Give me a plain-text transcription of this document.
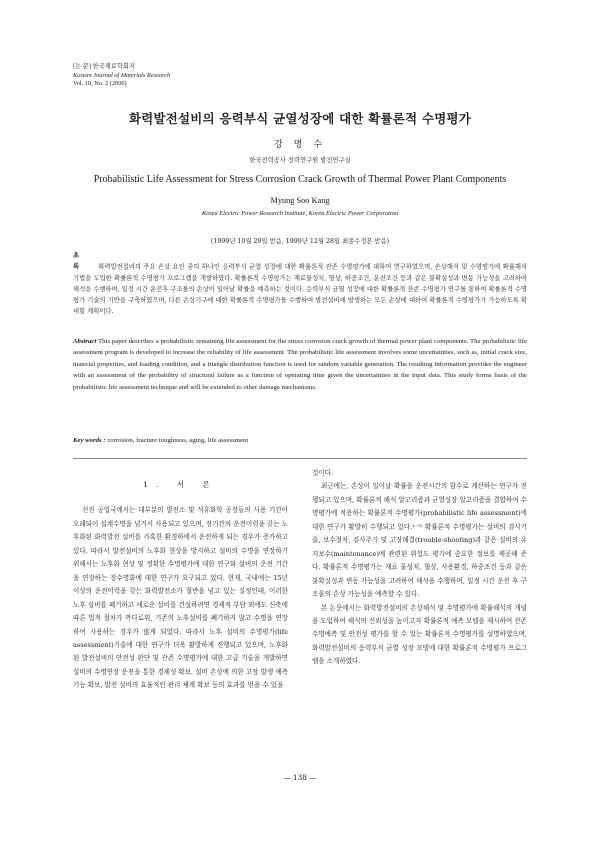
[논 문] 한국재료학회지
Korean Journal of Materials Research
Vol. 10, No. 2 (2000)
화력발전설비의 응력부식 균열성장에 대한 확률론적 수명평가
강 명 수
한국전력공사 전력연구원 발전연구실
Probabilistic Life Assessment for Stress Corrosion Crack Growth of Thermal Power Plant Components
Myung Soo Kang
Korea Electric Power Research Institute, Korea Electric Power Corporation
(1999년 10월 29일 받음, 1999년 12월 28일 최종수정본 받음)
초 록 화력발전설비의 주요 손상 요인 중의 하나인 응력부식 균열 성장에 대한 확률론적 잔존 수명평가에 대하여 연구하였으며, 손상해석 및 수명평가에 확률해석 기법을 도입한 확률론적 수명평가 프로그램을 개발하였다. 확률론적 수명평가는 재료물성치, 형상, 하중조건, 운전조건 등과 같은 불확실성과 변동 가능성을 고려하여 해석을 수행하며, 일정 시간 운전후 구조물의 손상이 일어날 확률을 예측하는 것이다. 응력부식 균열 성장에 대한 확률론적 잔존 수명평가 연구를 통하여 확률론적 수명평가 기술의 기반을 구축하였으며, 다른 손상기구에 대한 확률론적 수명평가를 수행하여 발전설비에 발생하는 모든 손상에 대하여 확률론적 수명평가가 가능하도록 확대할 계획이다.
Abstract This paper describes a probabilistic remaining life assessment for the stress corrosion crack growth of thermal power plant components. The probabilistic life assessment program is developed to increase the reliability of life assessment. The probabilistic life assessment involves some uncertainties, such as, initial crack size, material properties, and loading condition, and a triangle distribution function is used for random variable generation. The resulting information provides the engineer with an assessment of the probability of structural failure as a function of operating time given the uncertainties in the input data. This study forms basis of the probabilistic life assessment technique and will be extended to other damage mechanisms.
Key words : corrosion, fracture toughness, aging, life assessment
1. 서 론

선진 공업국에서는 대부분의 발전소 및 석유화학 공장들의 사용 기간이 오래되어 설계수명을 넘겨서 사용되고 있으며, 장기간의 운전이력을 갖는 노후화된 화력발전 설비를 가혹한 환경하에서 운전하게 되는 경우가 증가하고 있다. 따라서 발전설비의 노후화 현상을 방지하고 설비의 수명을 연장하기 위해서는 노후화 현상 및 정확한 수명평가에 대한 연구와 설비의 운전 기간을 연장하는 장수명화에 대한 연구가 요구되고 있다. 현재, 국내에는 15년 이상의 운전이력을 갖는 화력발전소가 절반을 넘고 있는 실정인데, 이러한 노후 설비를 폐기하고 새로운 설비를 건설하려면 경제적 부담 외에도 신축에 따른 법적 절차가 까다로워, 기존의 노후설비를 폐기하지 않고 수명을 연장하여 사용하는 경우가 많게 되었다. 따라서 노후 설비의 수명평가(life assessment)기술에 대한 연구가 더욱 활발하게 진행되고 있으며, 노후화된 발전설비의 안전성 판단 및 잔존 수명평가에 대한 고급 기술을 개발하면 설비의 수명연장 운전을 통한 경제성 확보, 설비 손상에 의한 고장 발생 예측 기능 확보, 발전 설비의 효율적인 관리 체계 확보 등의 효과를 얻을 수 있을

것이다.

최근에는, 손상이 일어날 확률을 운전시간의 함수로 계산하는 연구가 진행되고 있으며, 확률론적 해석 알고리즘과 균열성장 알고리즘을 결합하여 수명평가에 적용하는 확률론적 수명평가(probabilistic life assessment)에 대한 연구가 활발히 수행되고 있다.¹⁻⁵⁾ 확률론적 수명평가는 설비의 검사기술, 보수절차, 검사주기 및 고장해결(trouble-shooting)과 같은 설비의 유지보수(maintenance)에 관련된 위험도 평가에 중요한 정보를 제공해 준다. 확률론적 수명평가는 재료 물성치, 형상, 사용환경, 하중조건 등과 같은 불확실성과 변동 가능성을 고려하여 해석을 수행하며, 일정 시간 운전 후 구조물의 손상 가능성을 예측할 수 있다.

본 논문에서는 화력발전설비의 손상해석 및 수명평가에 확률해석의 개념을 도입하여 해석의 신뢰성을 높이고자 확률론적 예측 모델을 제시하여 잔존수명예측 및 안전성 평가를 할 수 있는 확률론적 수명평가를 설명하였으며, 화력발전설비의 응력부식 균열 성장 모델에 대한 확률론적 수명평가 프로그램을 소개하였다.

— 138 —
